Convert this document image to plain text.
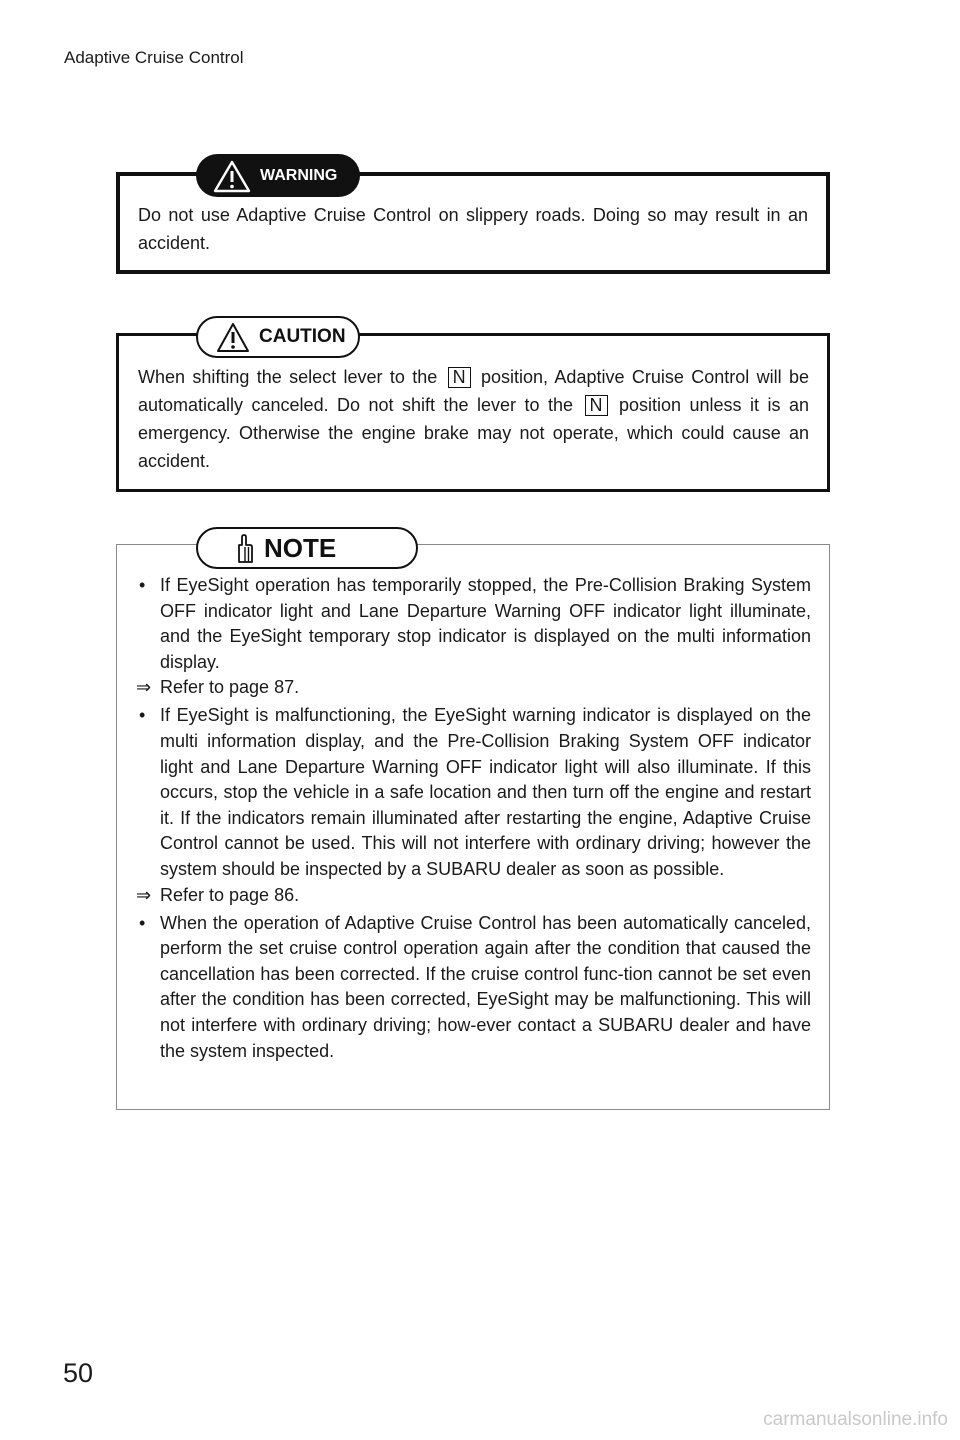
Adaptive Cruise Control

Do not use Adaptive Cruise Control on slippery roads. Doing so may result in an accident.

WARNING

When shifting the select lever to the N position, Adaptive Cruise Control will be automatically canceled. Do not shift the lever to the N position unless it is an emergency. Otherwise the engine brake may not operate, which could cause an accident.

CAUTION
• If EyeSight operation has temporarily stopped, the Pre-Collision Braking System OFF indicator light and Lane Departure Warning OFF indicator light illuminate, and the EyeSight temporary stop indicator is displayed on the multi information display.
⇒ Refer to page 87.
• If EyeSight is malfunctioning, the EyeSight warning indicator is displayed on the multi information display, and the Pre-Collision Braking System OFF indicator light and Lane Departure Warning OFF indicator light will also illuminate. If this occurs, stop the vehicle in a safe location and then turn off the engine and restart it. If the indicators remain illuminated after restarting the engine, Adaptive Cruise Control cannot be used. This will not interfere with ordinary driving; however the system should be inspected by a SUBARU dealer as soon as possible.
⇒ Refer to page 86.
• When the operation of Adaptive Cruise Control has been automatically canceled, perform the set cruise control operation again after the condition that caused the cancellation has been corrected. If the cruise control func-tion cannot be set even after the condition has been corrected, EyeSight may be malfunctioning. This will not interfere with ordinary driving; how-ever contact a SUBARU dealer and have the system inspected.
NOTE
50
carmanualsonline.info
